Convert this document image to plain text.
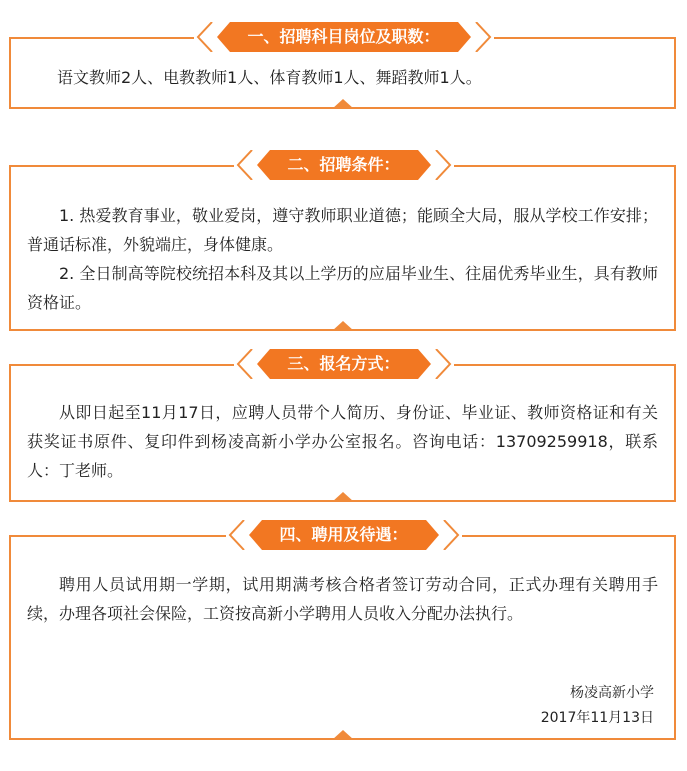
语文教师2人、电教教师1人、体育教师1人、舞蹈教师1人。
一、招聘科目岗位及职数：
1. 热爱教育事业，敬业爱岗，遵守教师职业道德；能顾全大局，服从学校工作安排；普通话标准，外貌端庄，身体健康。
2. 全日制高等院校统招本科及其以上学历的应届毕业生、往届优秀毕业生，具有教师资格证。
二、招聘条件：
从即日起至11月17日，应聘人员带个人简历、身份证、毕业证、教师资格证和有关获奖证书原件、复印件到杨凌高新小学办公室报名。咨询电话：13709259918，联系人：丁老师。
三、报名方式：
聘用人员试用期一学期，试用期满考核合格者签订劳动合同，正式办理有关聘用手续，办理各项社会保险，工资按高新小学聘用人员收入分配办法执行。
杨凌高新小学
2017年11月13日
四、聘用及待遇：
